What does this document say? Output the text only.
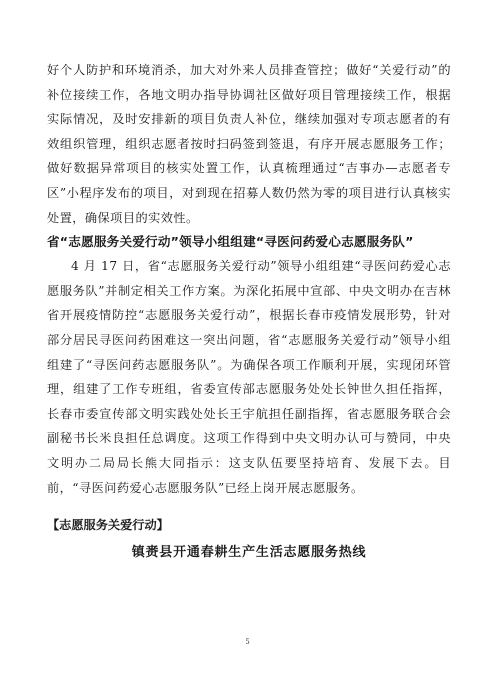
好个人防护和环境消杀，加大对外来人员排查管控；做好“关爱行动”的补位接续工作，各地文明办指导协调社区做好项目管理接续工作，根据实际情况，及时安排新的项目负责人补位，继续加强对专项志愿者的有效组织管理，组织志愿者按时扫码签到签退，有序开展志愿服务工作；做好数据异常项目的核实处置工作，认真梳理通过“吉事办—志愿者专区”小程序发布的项目，对到现在招募人数仍然为零的项目进行认真核实处置，确保项目的实效性。

省“志愿服务关爱行动”领导小组组建“寻医问药爱心志愿服务队”

4 月 17 日，省“志愿服务关爱行动”领导小组组建“寻医问药爱心志愿服务队”并制定相关工作方案。为深化拓展中宣部、中央文明办在吉林省开展疫情防控“志愿服务关爱行动”，根据长春市疫情发展形势，针对部分居民寻医问药困难这一突出问题，省“志愿服务关爱行动”领导小组组建了“寻医问药志愿服务队”。为确保各项工作顺利开展，实现闭环管理，组建了工作专班组，省委宣传部志愿服务处处长钟世久担任指挥，长春市委宣传部文明实践处处长王宇航担任副指挥，省志愿服务联合会副秘书长米良担任总调度。这项工作得到中央文明办认可与赞同，中央文明办二局局长熊大同指示：这支队伍要坚持培育、发展下去。目前，“寻医问药爱心志愿服务队”已经上岗开展志愿服务。

【志愿服务关爱行动】

镇赉县开通春耕生产生活志愿服务热线

5
